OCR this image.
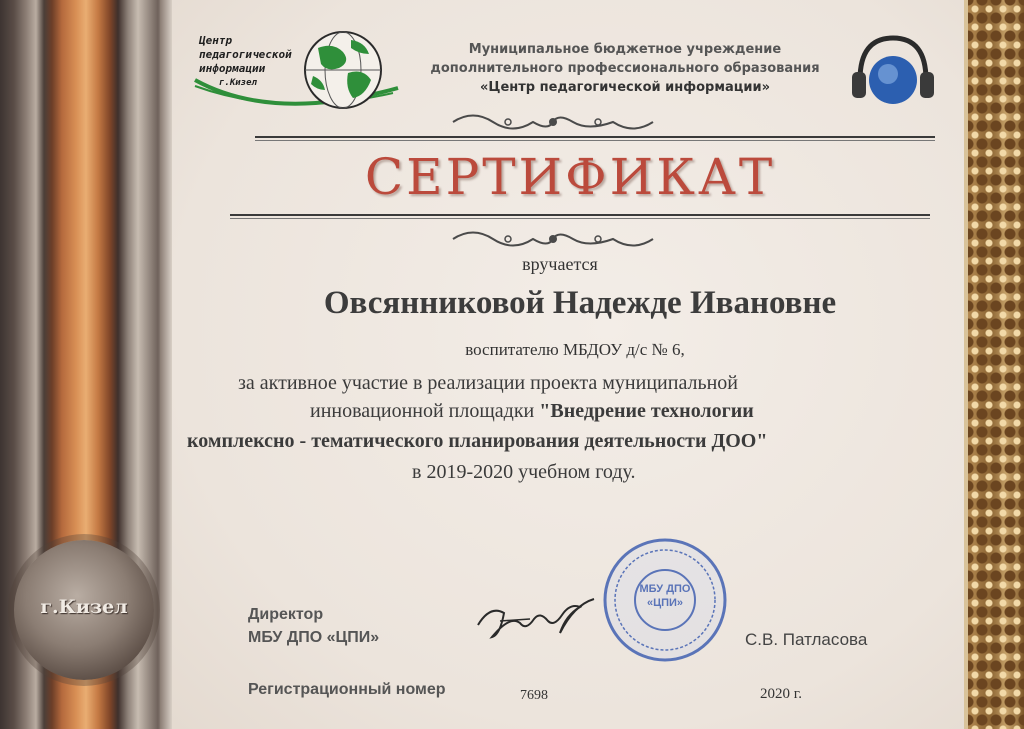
г.Кизел
Центр
педагогической
информации
г.Кизел
Муниципальное бюджетное учреждение
дополнительного профессионального образования
«Центр педагогической информации»
СЕРТИФИКАТ
вручается
Овсянниковой Надежде Ивановне
воспитателю МБДОУ д/с № 6,
за активное участие в реализации проекта муниципальной
инновационной площадки "Внедрение технологии
комплексно - тематического планирования деятельности ДОО"
в 2019-2020 учебном году.
Директор
МБУ ДПО «ЦПИ»
МБУ ДПО
«ЦПИ»
С.В. Патласова
Регистрационный номер	7698	2020 г.
